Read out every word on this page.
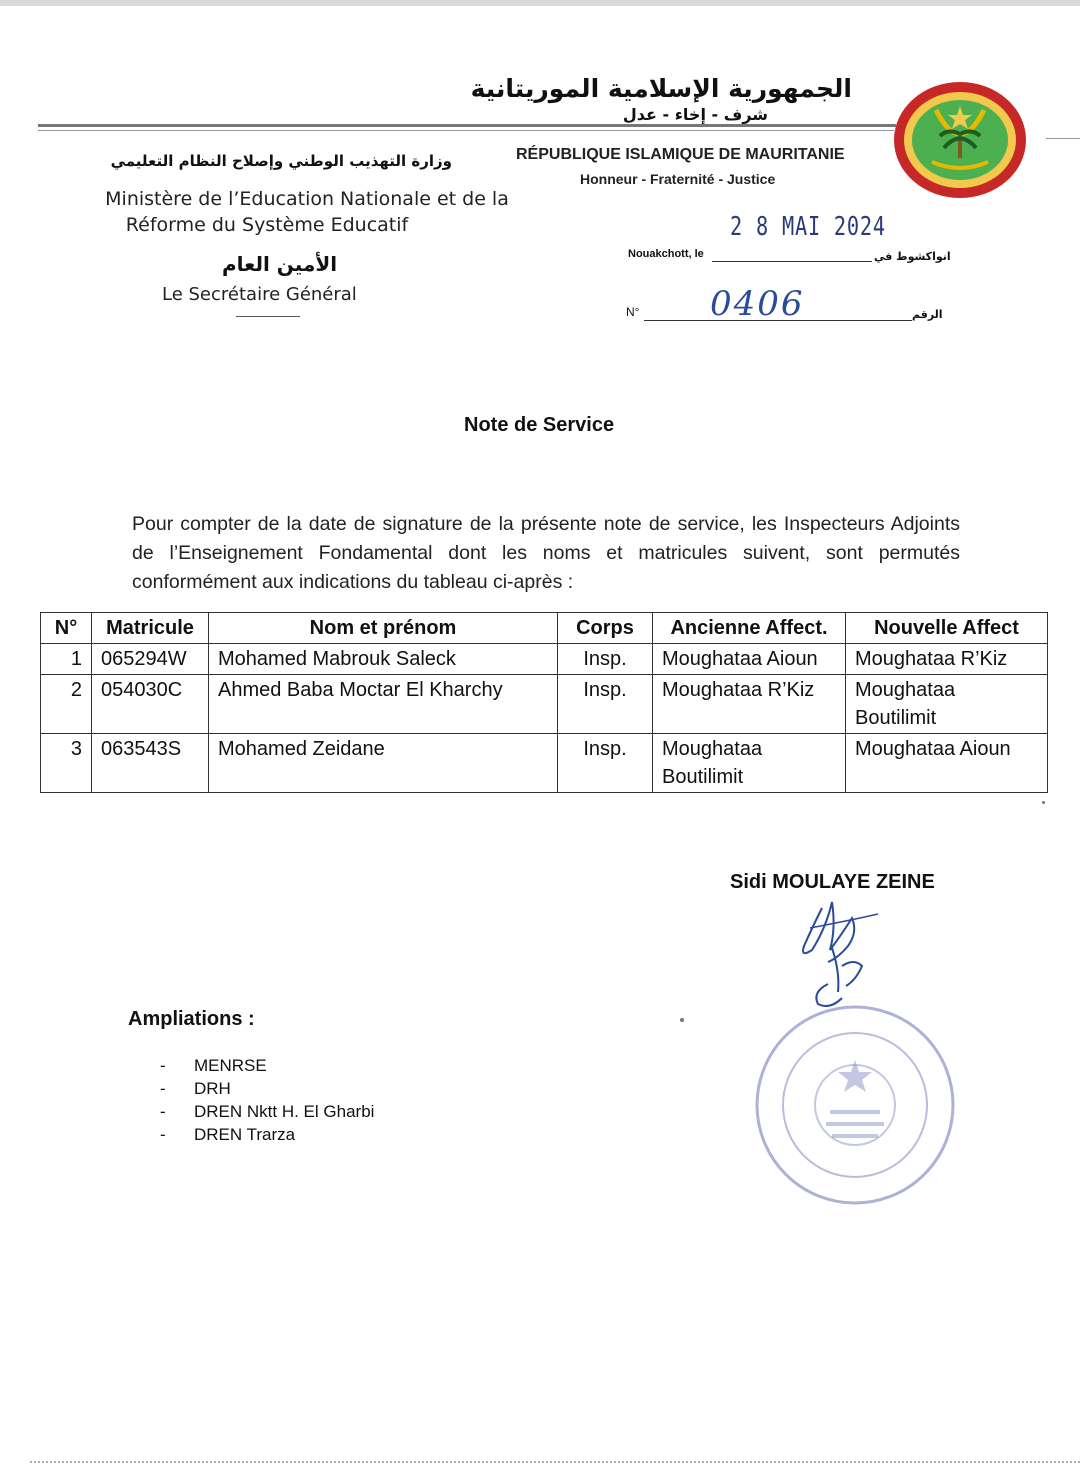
الجمهورية الإسلامية الموريتانية
شرف - إخاء - عدل
RÉPUBLIQUE ISLAMIQUE DE MAURITANIE
Honneur - Fraternité - Justice
وزارة التهذيب الوطني وإصلاح النظام التعليمي
Ministère de l’Education Nationale et de la
Réforme du Système Educatif
الأمين العام
Le Secrétaire Général
2 8 MAI 2024
Nouakchott, le	انواكشوط في
N° 0406	الرقم
Note de Service
Pour compter de la date de signature de la présente note de service, les Inspecteurs Adjoints de l’Enseignement Fondamental dont les noms et matricules suivent, sont permutés conformément aux indications du tableau ci-après :
N°	Matricule	Nom et prénom	Corps	Ancienne Affect.	Nouvelle Affect
1	065294W	Mohamed Mabrouk Saleck	Insp.	Moughataa Aioun	Moughataa R’Kiz
2	054030C	Ahmed Baba Moctar El Kharchy	Insp.	Moughataa R’Kiz	Moughataa Boutilimit
3	063543S	Mohamed Zeidane	Insp.	Moughataa Boutilimit	Moughataa Aioun
Sidi MOULAYE ZEINE
Ampliations :
- MENRSE
- DRH
- DREN Nktt H. El Gharbi
- DREN Trarza
